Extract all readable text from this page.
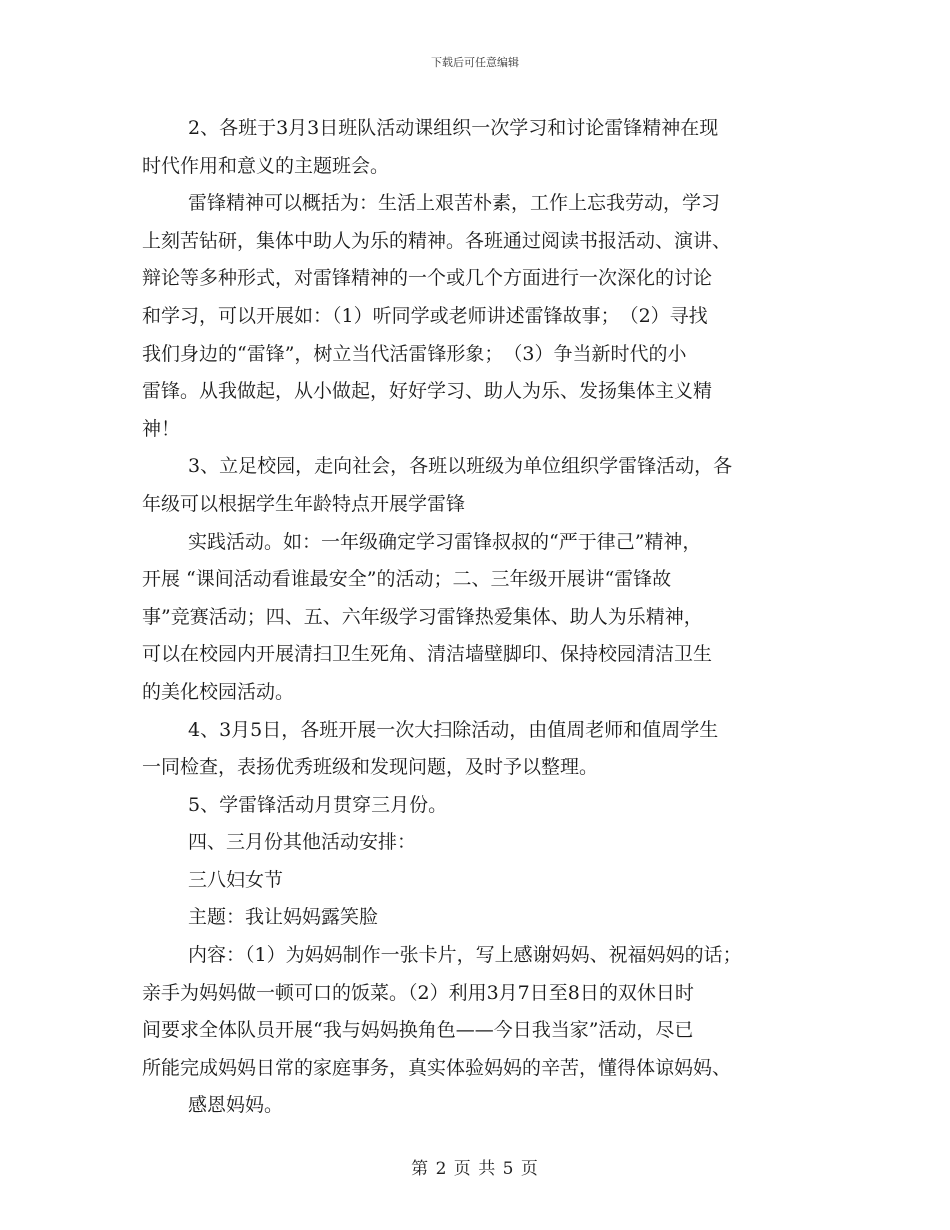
下载后可任意编辑

2、各班于3月3日班队活动课组织一次学习和讨论雷锋精神在现

时代作用和意义的主题班会。

雷锋精神可以概括为：生活上艰苦朴素，工作上忘我劳动，学习

上刻苦钻研，集体中助人为乐的精神。各班通过阅读书报活动、演讲、

辩论等多种形式，对雷锋精神的一个或几个方面进行一次深化的讨论

和学习，可以开展如：（1）听同学或老师讲述雷锋故事；　（2）寻找

我们身边的“雷锋”，树立当代活雷锋形象；　（3）争当新时代的小

雷锋。从我做起，从小做起，好好学习、助人为乐、发扬集体主义精

神！

3、立足校园，走向社会，各班以班级为单位组织学雷锋活动，各

年级可以根据学生年龄特点开展学雷锋

实践活动。如：一年级确定学习雷锋叔叔的“严于律己”精神，

开展 “课间活动看谁最安全”的活动；二、三年级开展讲“雷锋故

事”竞赛活动；四、五、六年级学习雷锋热爱集体、助人为乐精神，

可以在校园内开展清扫卫生死角、清洁墙壁脚印、保持校园清洁卫生

的美化校园活动。

4、3月5日，各班开展一次大扫除活动，由值周老师和值周学生

一同检查，表扬优秀班级和发现问题，及时予以整理。

5、学雷锋活动月贯穿三月份。

四、三月份其他活动安排：

三八妇女节

主题：我让妈妈露笑脸

内容：（1）为妈妈制作一张卡片，写上感谢妈妈、祝福妈妈的话；

亲手为妈妈做一顿可口的饭菜。（2）利用3月7日至8日的双休日时

间要求全体队员开展“我与妈妈换角色——今日我当家”活动，尽已

所能完成妈妈日常的家庭事务，真实体验妈妈的辛苦，懂得体谅妈妈、

感恩妈妈。

第 2 页 共 5 页
